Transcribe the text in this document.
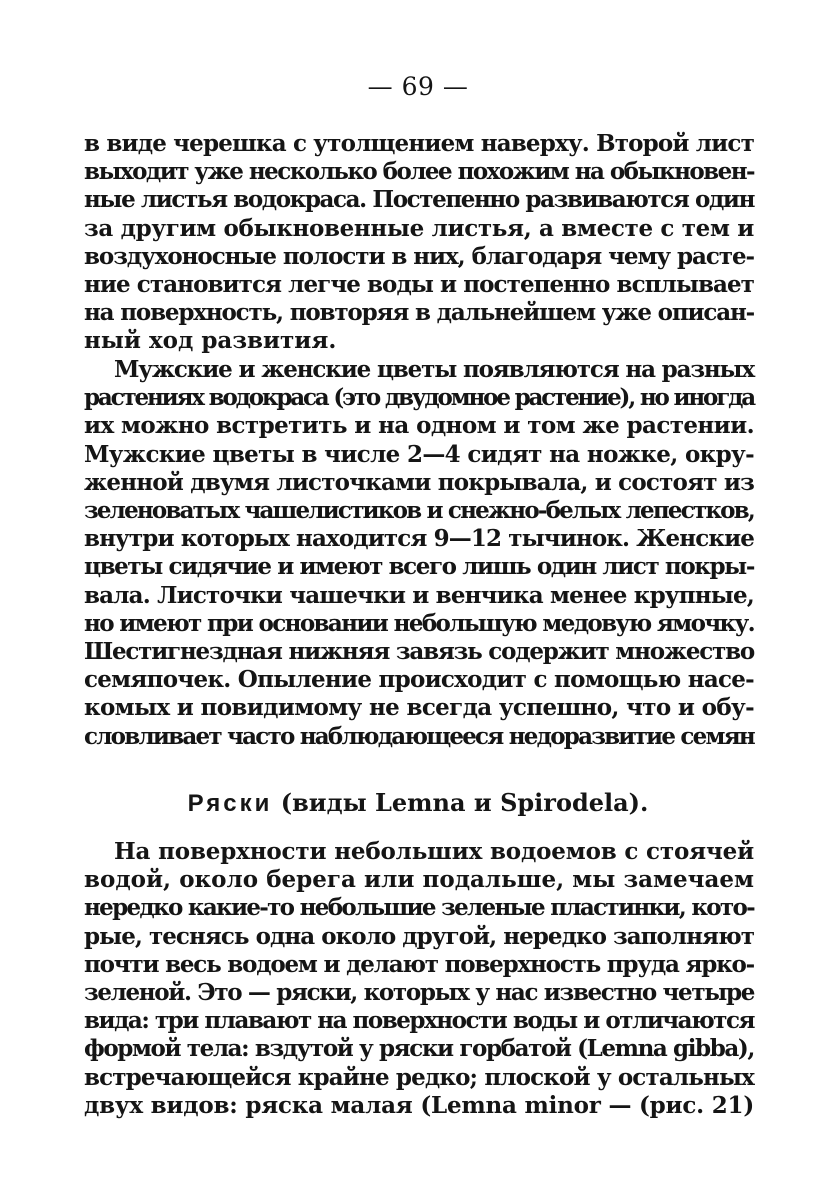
— 69 —
в виде черешка с утолщением наверху. Второй лист
выходит уже несколько более похожим на обыкновен-
ные листья водокраса. Постепенно развиваются один
за другим обыкновенные листья, а вместе с тем и
воздухоносные полости в них, благодаря чему расте-
ние становится легче воды и постепенно всплывает
на поверхность, повторяя в дальнейшем уже описан-
ный ход развития.
Мужские и женские цветы появляются на разных
растениях водокраса (это двудомное растение), но иногда
их можно встретить и на одном и том же растении.
Мужские цветы в числе 2—4 сидят на ножке, окру-
женной двумя листочками покрывала, и состоят из
зеленоватых чашелистиков и снежно-белых лепестков,
внутри которых находится 9—12 тычинок. Женские
цветы сидячие и имеют всего лишь один лист покры-
вала. Листочки чашечки и венчика менее крупные,
но имеют при основании небольшую медовую ямочку.
Шестигнездная нижняя завязь содержит множество
семяпочек. Опыление происходит с помощью насе-
комых и повидимому не всегда успешно, что и обу-
словливает часто наблюдающееся недоразвитие семян
Ряски (виды Lemna и Spirodela).
На поверхности небольших водоемов с стоячей
водой, около берега или подальше, мы замечаем
нередко какие-то небольшие зеленые пластинки, кото-
рые, теснясь одна около другой, нередко заполняют
почти весь водоем и делают поверхность пруда ярко-
зеленой. Это — ряски, которых у нас известно четыре
вида: три плавают на поверхности воды и отличаются
формой тела: вздутой у ряски горбатой (Lemna gibba),
встречающейся крайне редко; плоской у остальных
двух видов: ряска малая (Lemna minor — (рис. 21)
